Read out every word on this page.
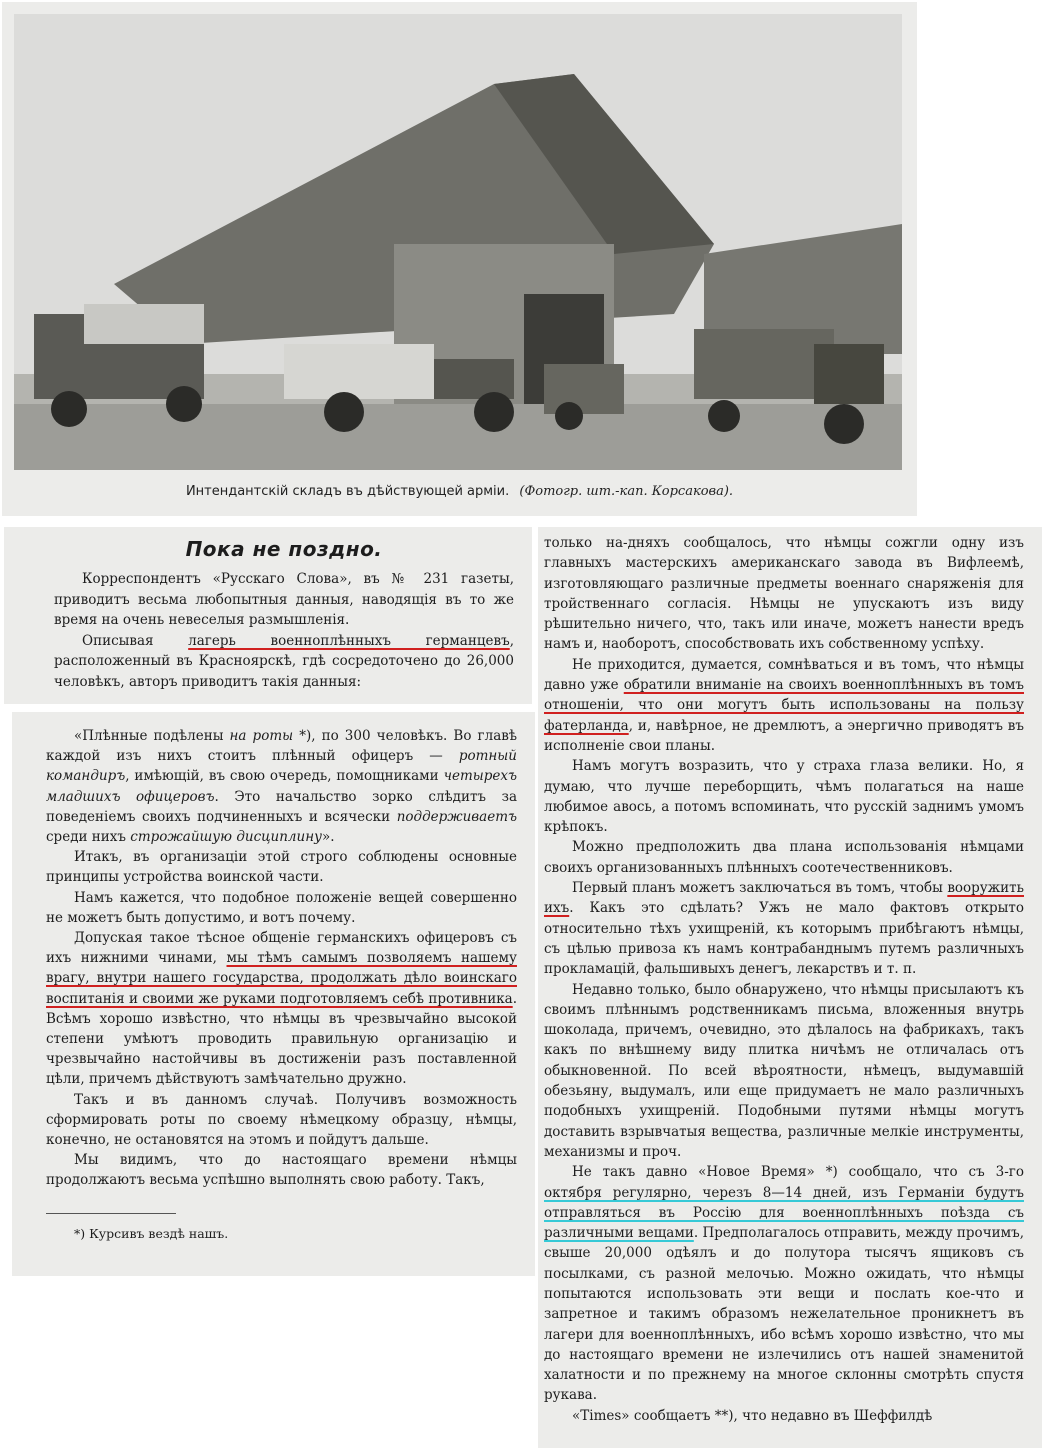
Интендантскій складъ въ дѣйствующей арміи. (Фотогр. шт.-кап. Корсакова).
Пока не поздно.

Корреспондентъ «Русскаго Слова», въ № 231 газеты, приводитъ весьма любопытныя данныя, наводящія въ то же время на очень невеселыя размышленія.

Описывая лагерь военноплѣнныхъ германцевъ, расположенный въ Красноярскѣ, гдѣ сосредоточено до 26,000 человѣкъ, авторъ приводитъ такія данныя:

«Плѣнные подѣлены на роты *), по 300 человѣкъ. Во главѣ каждой изъ нихъ стоитъ плѣнный офицеръ — ротный командиръ, имѣющій, въ свою очередь, помощниками четырехъ младшихъ офицеровъ. Это начальство зорко слѣдитъ за поведеніемъ своихъ подчиненныхъ и всячески поддерживаетъ среди нихъ строжайшую дисциплину».

Итакъ, въ организаціи этой строго соблюдены основные принципы устройства воинской части.

Намъ кажется, что подобное положеніе вещей совершенно не можетъ быть допустимо, и вотъ почему.

Допуская такое тѣсное общеніе германскихъ офицеровъ съ ихъ нижними чинами, мы тѣмъ самымъ позволяемъ нашему врагу, внутри нашего государства, продолжать дѣло воинскаго воспитанія и своими же руками подготовляемъ себѣ противника. Всѣмъ хорошо извѣстно, что нѣмцы въ чрезвычайно высокой степени умѣютъ проводить правильную организацію и чрезвычайно настойчивы въ достиженіи разъ поставленной цѣли, причемъ дѣйствуютъ замѣчательно дружно.

Такъ и въ данномъ случаѣ. Получивъ возможность сформировать роты по своему нѣмецкому образцу, нѣмцы, конечно, не остановятся на этомъ и пойдутъ дальше.

Мы видимъ, что до настоящаго времени нѣмцы продолжаютъ весьма успѣшно выполнять свою работу. Такъ,

*) Курсивъ вездѣ нашъ.

только на-дняхъ сообщалось, что нѣмцы сожгли одну изъ главныхъ мастерскихъ американскаго завода въ Вифлеемѣ, изготовляющаго различные предметы военнаго снаряженія для тройственнаго согласія. Нѣмцы не упускаютъ изъ виду рѣшительно ничего, что, такъ или иначе, можетъ нанести вредъ намъ и, наоборотъ, способствовать ихъ собственному успѣху.

Не приходится, думается, сомнѣваться и въ томъ, что нѣмцы давно уже обратили вниманіе на своихъ военноплѣнныхъ въ томъ отношеніи, что они могутъ быть использованы на пользу фатерланда, и, навѣрное, не дремлютъ, а энергично приводятъ въ исполненіе свои планы.

Намъ могутъ возразить, что у страха глаза велики. Но, я думаю, что лучше переборщить, чѣмъ полагаться на наше любимое авось, а потомъ вспоминать, что русскій заднимъ умомъ крѣпокъ.

Можно предположить два плана использованія нѣмцами своихъ организованныхъ плѣнныхъ соотечественниковъ.

Первый планъ можетъ заключаться въ томъ, чтобы вооружить ихъ. Какъ это сдѣлать? Ужъ не мало фактовъ открыто относительно тѣхъ ухищреній, къ которымъ прибѣгаютъ нѣмцы, съ цѣлью привоза къ намъ контрабанднымъ путемъ различныхъ прокламацій, фальшивыхъ денегъ, лекарствъ и т. п.

Недавно только, было обнаружено, что нѣмцы присылаютъ къ своимъ плѣннымъ родственникамъ письма, вложенныя внутрь шоколада, причемъ, очевидно, это дѣлалось на фабрикахъ, такъ какъ по внѣшнему виду плитка ничѣмъ не отличалась отъ обыкновенной. По всей вѣроятности, нѣмецъ, выдумавшій обезьяну, выдумалъ, или еще придумаетъ не мало различныхъ подобныхъ ухищреній. Подобными путями нѣмцы могутъ доставить взрывчатыя вещества, различные мелкіе инструменты, механизмы и проч.

Не такъ давно «Новое Время» *) сообщало, что съ 3-го октября регулярно, черезъ 8—14 дней, изъ Германіи будутъ отправляться въ Россію для военноплѣнныхъ поѣзда съ различными вещами. Предполагалось отправить, между прочимъ, свыше 20,000 одѣялъ и до полутора тысячъ ящиковъ съ посылками, съ разной мелочью. Можно ожидать, что нѣмцы попытаются использовать эти вещи и послать кое-что и запретное и такимъ образомъ нежелательное проникнетъ въ лагери для военноплѣнныхъ, ибо всѣмъ хорошо извѣстно, что мы до настоящаго времени не излечились отъ нашей знаменитой халатности и по прежнему на многое склонны смотрѣть спустя рукава.

«Times» сообщаетъ **), что недавно въ Шеффилдѣ
